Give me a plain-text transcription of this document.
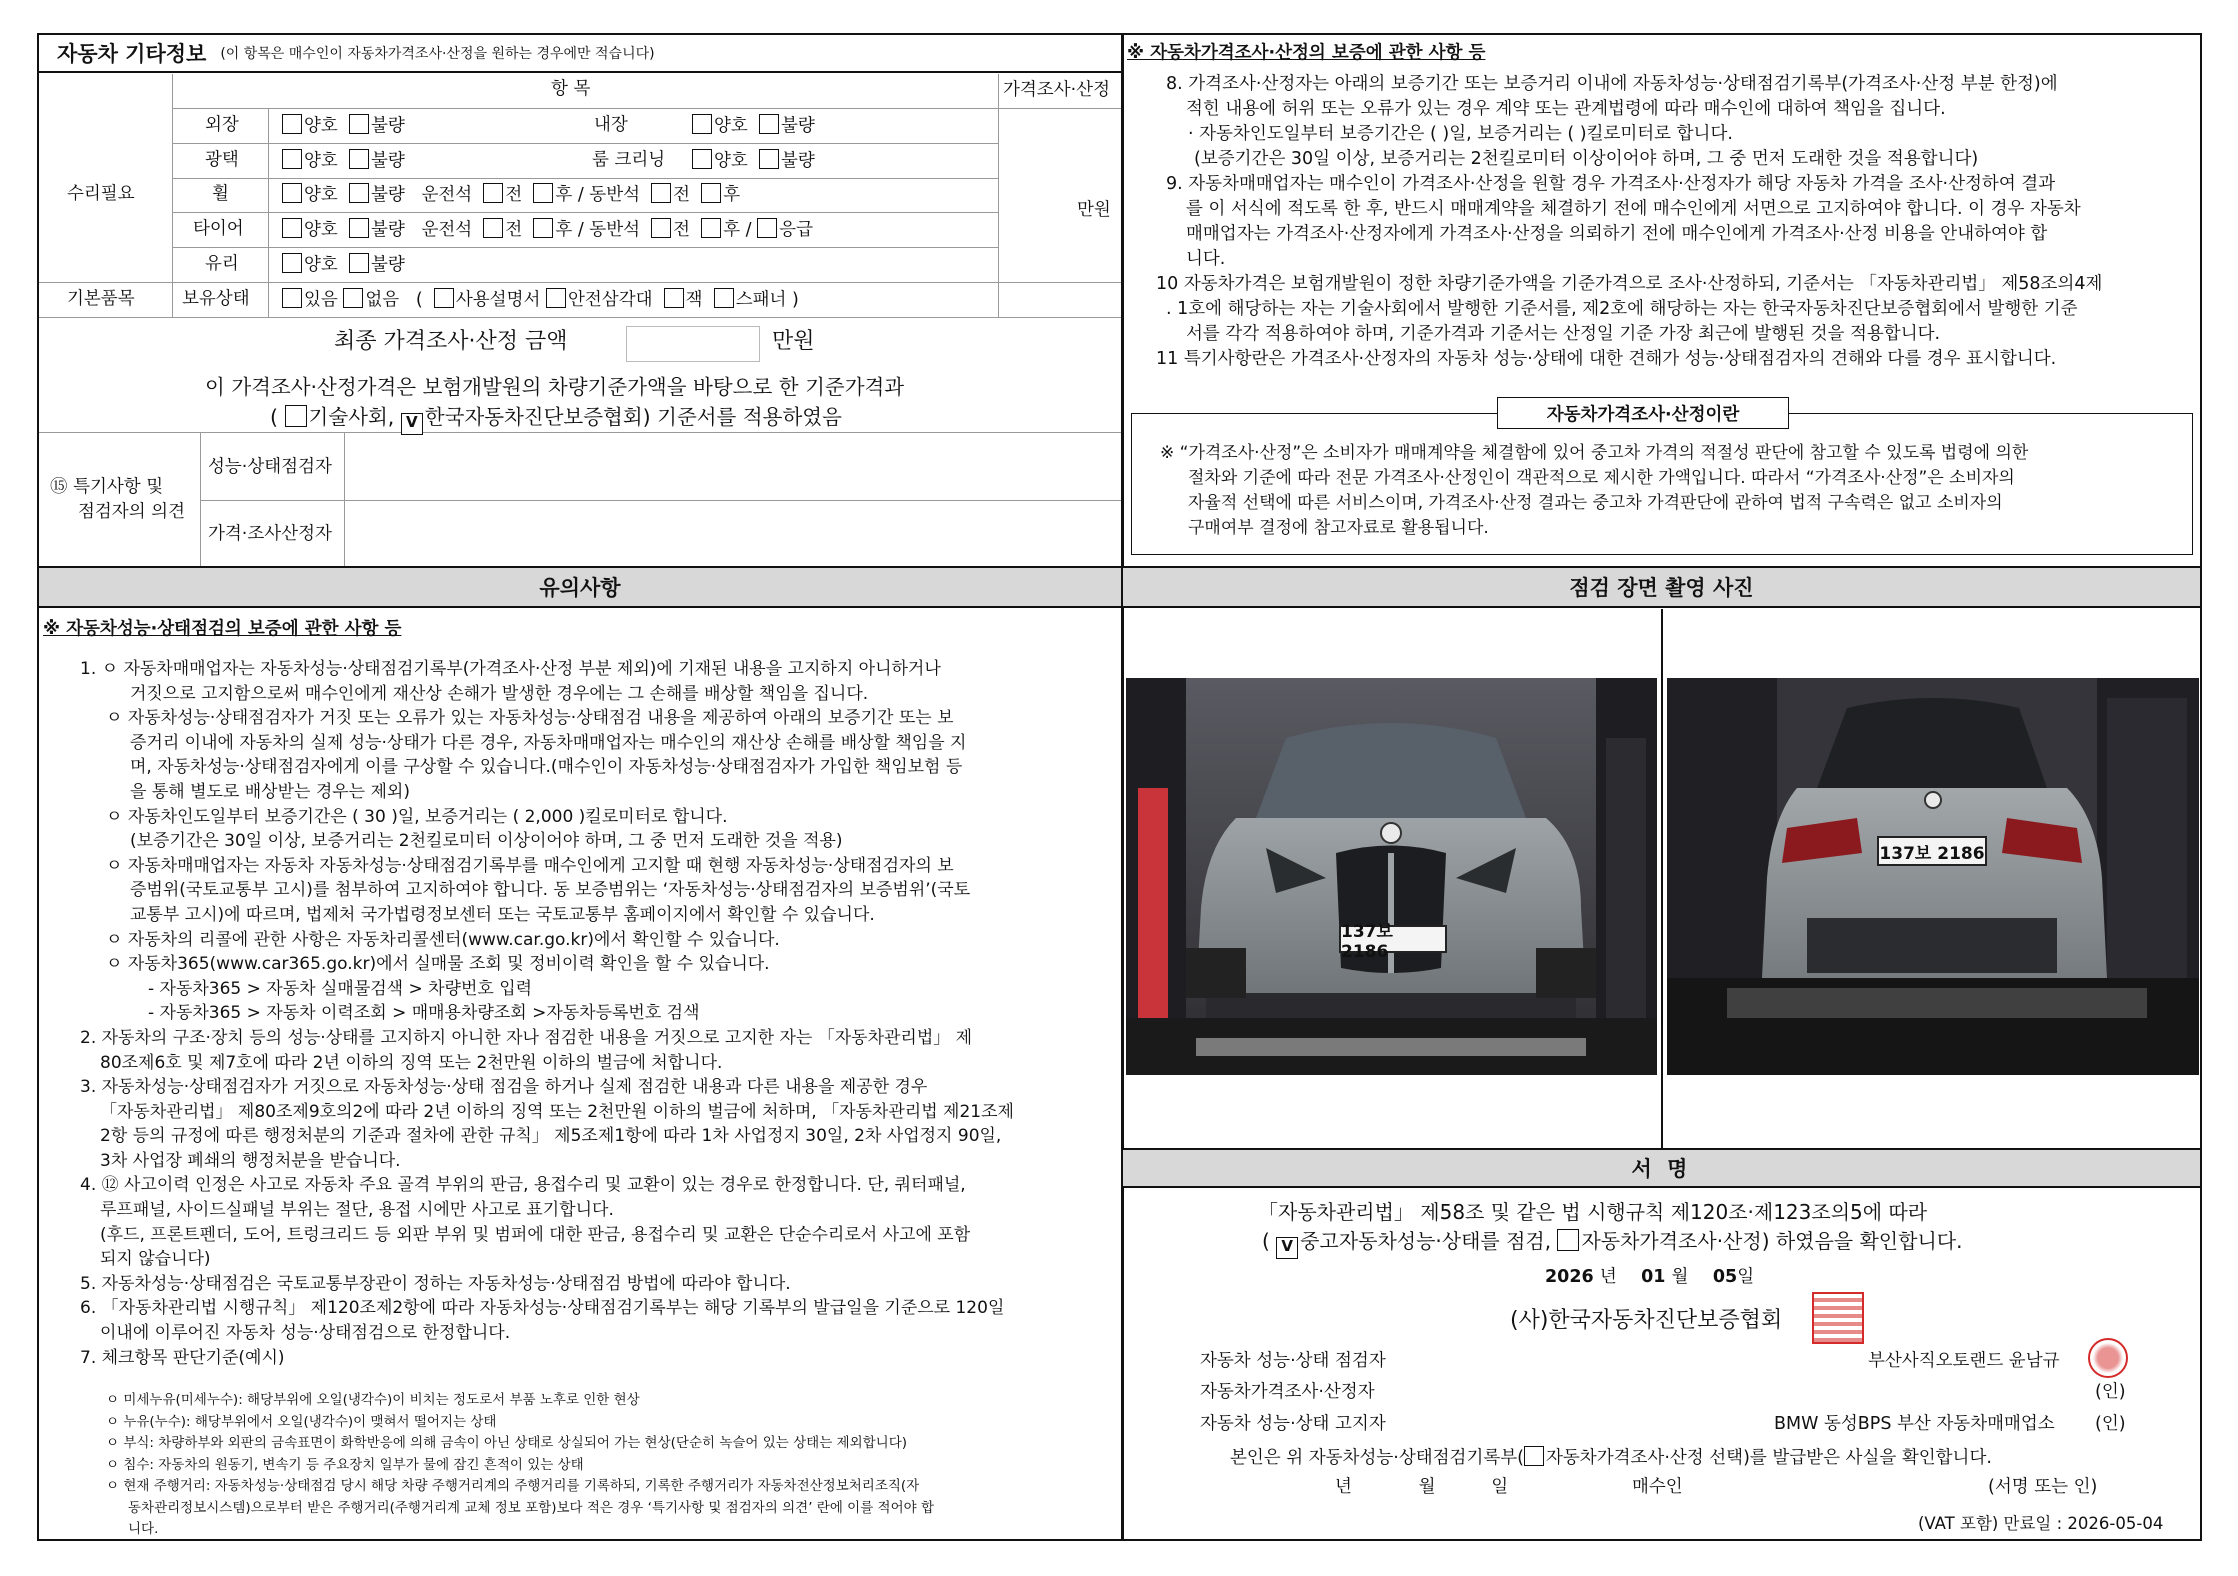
자동차 기타정보 (이 항목은 매수인이 자동차가격조사·산정을 원하는 경우에만 적습니다)
항 목	가격조사·산정
수리필요
만원
외장	양호 불량	내장	양호 불량
광택	양호 불량	룸 크리닝	양호 불량
휠	양호 불량 운전석 전 후 / 동반석 전 후
타이어	양호 불량 운전석 전 후 / 동반석 전 후 / 응급
유리	양호 불량
기본품목	보유상태	있음 없음 ( 사용설명서 안전삼각대 잭 스패너 )
최종 가격조사·산정 금액	만원
이 가격조사·산정가격은 보험개발원의 차량기준가액을 바탕으로 한 기준가격과
( 기술사회, V 한국자동차진단보증협회) 기준서를 적용하였음
⑮ 특기사항 및
점검자의 의견
성능·상태점검자
가격·조사산정자
※ 자동차가격조사·산정의 보증에 관한 사항 등
8. 가격조사·산정자는 아래의 보증기간 또는 보증거리 이내에 자동차성능·상태점검기록부(가격조사·산정 부분 한정)에
적힌 내용에 허위 또는 오류가 있는 경우 계약 또는 관계법령에 따라 매수인에 대하여 책임을 집니다.
· 자동차인도일부터 보증기간은 ( )일, 보증거리는 ( )킬로미터로 합니다.
(보증기간은 30일 이상, 보증거리는 2천킬로미터 이상이어야 하며, 그 중 먼저 도래한 것을 적용합니다)
9. 자동차매매업자는 매수인이 가격조사·산정을 원할 경우 가격조사·산정자가 해당 자동차 가격을 조사·산정하여 결과
를 이 서식에 적도록 한 후, 반드시 매매계약을 체결하기 전에 매수인에게 서면으로 고지하여야 합니다. 이 경우 자동차
매매업자는 가격조사·산정자에게 가격조사·산정을 의뢰하기 전에 매수인에게 가격조사·산정 비용을 안내하여야 합
니다.
10 자동차가격은 보험개발원이 정한 차량기준가액을 기준가격으로 조사·산정하되, 기준서는 「자동차관리법」 제58조의4제
. 1호에 해당하는 자는 기술사회에서 발행한 기준서를, 제2호에 해당하는 자는 한국자동차진단보증협회에서 발행한 기준
서를 각각 적용하여야 하며, 기준가격과 기준서는 산정일 기준 가장 최근에 발행된 것을 적용합니다.
11 특기사항란은 가격조사·산정자의 자동차 성능·상태에 대한 견해가 성능·상태점검자의 견해와 다를 경우 표시합니다.
자동차가격조사·산정이란
※ “가격조사·산정”은 소비자가 매매계약을 체결함에 있어 중고차 가격의 적절성 판단에 참고할 수 있도록 법령에 의한
절차와 기준에 따라 전문 가격조사·산정인이 객관적으로 제시한 가액입니다. 따라서 “가격조사·산정”은 소비자의
자율적 선택에 따른 서비스이며, 가격조사·산정 결과는 중고차 가격판단에 관하여 법적 구속력은 없고 소비자의
구매여부 결정에 참고자료로 활용됩니다.
유의사항
※ 자동차성능·상태점검의 보증에 관한 사항 등
1. ㅇ 자동차매매업자는 자동차성능·상태점검기록부(가격조사·산정 부분 제외)에 기재된 내용을 고지하지 아니하거나
거짓으로 고지함으로써 매수인에게 재산상 손해가 발생한 경우에는 그 손해를 배상할 책임을 집니다.
ㅇ 자동차성능·상태점검자가 거짓 또는 오류가 있는 자동차성능·상태점검 내용을 제공하여 아래의 보증기간 또는 보
증거리 이내에 자동차의 실제 성능·상태가 다른 경우, 자동차매매업자는 매수인의 재산상 손해를 배상할 책임을 지
며, 자동차성능·상태점검자에게 이를 구상할 수 있습니다.(매수인이 자동차성능·상태점검자가 가입한 책임보험 등
을 통해 별도로 배상받는 경우는 제외)
ㅇ 자동차인도일부터 보증기간은 ( 30 )일, 보증거리는 ( 2,000 )킬로미터로 합니다.
(보증기간은 30일 이상, 보증거리는 2천킬로미터 이상이어야 하며, 그 중 먼저 도래한 것을 적용)
ㅇ 자동차매매업자는 자동차 자동차성능·상태점검기록부를 매수인에게 고지할 때 현행 자동차성능·상태점검자의 보
증범위(국토교통부 고시)를 첨부하여 고지하여야 합니다. 동 보증범위는 ‘자동차성능·상태점검자의 보증범위’(국토
교통부 고시)에 따르며, 법제처 국가법령정보센터 또는 국토교통부 홈페이지에서 확인할 수 있습니다.
ㅇ 자동차의 리콜에 관한 사항은 자동차리콜센터(www.car.go.kr)에서 확인할 수 있습니다.
ㅇ 자동차365(www.car365.go.kr)에서 실매물 조회 및 정비이력 확인을 할 수 있습니다.
- 자동차365 > 자동차 실매물검색 > 차량번호 입력
- 자동차365 > 자동차 이력조회 > 매매용차량조회 >자동차등록번호 검색
2. 자동차의 구조·장치 등의 성능·상태를 고지하지 아니한 자나 점검한 내용을 거짓으로 고지한 자는 「자동차관리법」 제
80조제6호 및 제7호에 따라 2년 이하의 징역 또는 2천만원 이하의 벌금에 처합니다.
3. 자동차성능·상태점검자가 거짓으로 자동차성능·상태 점검을 하거나 실제 점검한 내용과 다른 내용을 제공한 경우
「자동차관리법」 제80조제9호의2에 따라 2년 이하의 징역 또는 2천만원 이하의 벌금에 처하며, 「자동차관리법 제21조제
2항 등의 규정에 따른 행정처분의 기준과 절차에 관한 규칙」 제5조제1항에 따라 1차 사업정지 30일, 2차 사업정지 90일,
3차 사업장 폐쇄의 행정처분을 받습니다.
4. ⑫ 사고이력 인정은 사고로 자동차 주요 골격 부위의 판금, 용접수리 및 교환이 있는 경우로 한정합니다. 단, 쿼터패널,
루프패널, 사이드실패널 부위는 절단, 용접 시에만 사고로 표기합니다.
(후드, 프론트펜더, 도어, 트렁크리드 등 외판 부위 및 범퍼에 대한 판금, 용접수리 및 교환은 단순수리로서 사고에 포함
되지 않습니다)
5. 자동차성능·상태점검은 국토교통부장관이 정하는 자동차성능·상태점검 방법에 따라야 합니다.
6. 「자동차관리법 시행규칙」 제120조제2항에 따라 자동차성능·상태점검기록부는 해당 기록부의 발급일을 기준으로 120일
이내에 이루어진 자동차 성능·상태점검으로 한정합니다.
7. 체크항목 판단기준(예시)
ㅇ 미세누유(미세누수): 해당부위에 오일(냉각수)이 비치는 정도로서 부품 노후로 인한 현상
ㅇ 누유(누수): 해당부위에서 오일(냉각수)이 맺혀서 떨어지는 상태
ㅇ 부식: 차량하부와 외판의 금속표면이 화학반응에 의해 금속이 아닌 상태로 상실되어 가는 현상(단순히 녹슬어 있는 상태는 제외합니다)
ㅇ 침수: 자동차의 원동기, 변속기 등 주요장치 일부가 물에 잠긴 흔적이 있는 상태
ㅇ 현재 주행거리: 자동차성능·상태점검 당시 해당 차량 주행거리계의 주행거리를 기록하되, 기록한 주행거리가 자동차전산정보처리조직(자
동차관리정보시스템)으로부터 받은 주행거리(주행거리계 교체 정보 포함)보다 적은 경우 ‘특기사항 및 점검자의 의견’ 란에 이를 적어야 합
니다.
점검 장면 촬영 사진
137보 2186
137보 2186
서 명
「자동차관리법」 제58조 및 같은 법 시행규칙 제120조·제123조의5에 따라
( V 중고자동차성능·상태를 점검, 자동차가격조사·산정) 하였음을 확인합니다.
2026 년 01 월 05일
(사)한국자동차진단보증협회
자동차 성능·상태 점검자	부산사직오토랜드 윤남규
자동차가격조사·산정자	(인)
자동차 성능·상태 고지자	BMW 동성BPS 부산 자동차매매업소 (인)
본인은 위 자동차성능·상태점검기록부( 자동차가격조사·산정 선택)를 발급받은 사실을 확인합니다.
년	월	일	매수인	(서명 또는 인)
(VAT 포함) 만료일 : 2026-05-04
